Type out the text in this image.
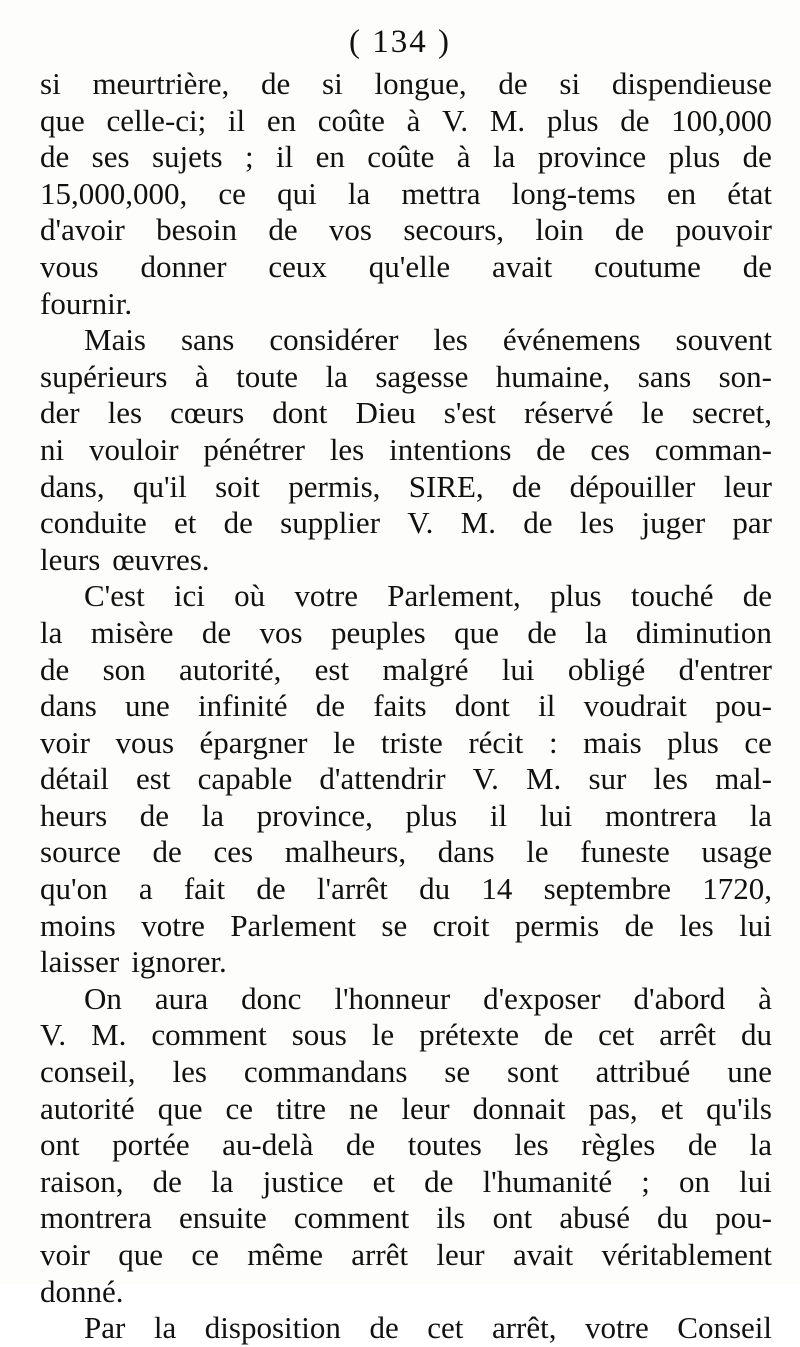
( 134 )
si meurtrière, de si longue, de si dispendieuse
que celle-ci; il en coûte à V. M. plus de 100,000
de ses sujets ; il en coûte à la province plus de
15,000,000, ce qui la mettra long-tems en état
d'avoir besoin de vos secours, loin de pouvoir
vous donner ceux qu'elle avait coutume de
fournir.
Mais sans considérer les événemens souvent
supérieurs à toute la sagesse humaine, sans son-
der les cœurs dont Dieu s'est réservé le secret,
ni vouloir pénétrer les intentions de ces comman-
dans, qu'il soit permis, SIRE, de dépouiller leur
conduite et de supplier V. M. de les juger par
leurs œuvres.
C'est ici où votre Parlement, plus touché de
la misère de vos peuples que de la diminution
de son autorité, est malgré lui obligé d'entrer
dans une infinité de faits dont il voudrait pou-
voir vous épargner le triste récit : mais plus ce
détail est capable d'attendrir V. M. sur les mal-
heurs de la province, plus il lui montrera la
source de ces malheurs, dans le funeste usage
qu'on a fait de l'arrêt du 14 septembre 1720,
moins votre Parlement se croit permis de les lui
laisser ignorer.
On aura donc l'honneur d'exposer d'abord à
V. M. comment sous le prétexte de cet arrêt du
conseil, les commandans se sont attribué une
autorité que ce titre ne leur donnait pas, et qu'ils
ont portée au-delà de toutes les règles de la
raison, de la justice et de l'humanité ; on lui
montrera ensuite comment ils ont abusé du pou-
voir que ce même arrêt leur avait véritablement
donné.
Par la disposition de cet arrêt, votre Conseil
